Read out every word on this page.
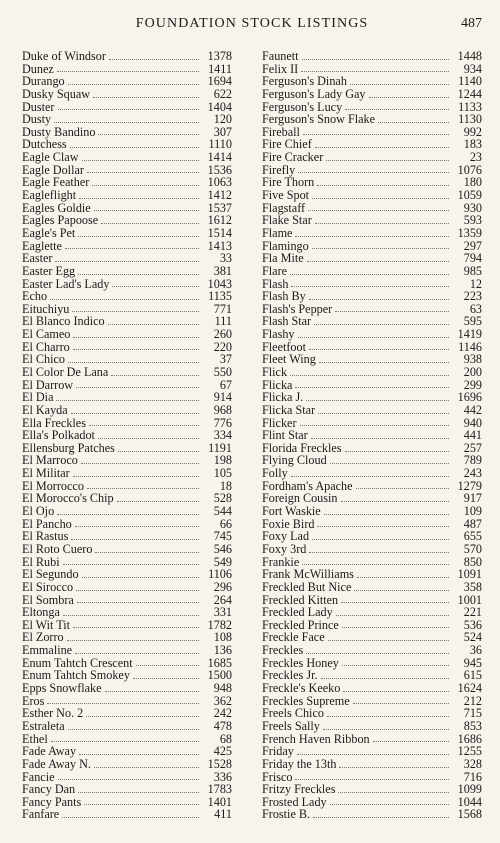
FOUNDATION STOCK LISTINGS	487
Duke of Windsor	1378
Dunez	1411
Durango	1694
Dusky Squaw	622
Duster	1404
Dusty	120
Dusty Bandino	307
Dutchess	1110
Eagle Claw	1414
Eagle Dollar	1536
Eagle Feather	1063
Eagleflight	1412
Eagles Goldie	1537
Eagles Papoose	1612
Eagle's Pet	1514
Eaglette	1413
Easter	33
Easter Egg	381
Easter Lad's Lady	1043
Echo	1135
Eituchiyu	771
El Blanco Indico	111
El Cameo	260
El Charro	220
El Chico	37
El Color De Lana	550
El Darrow	67
El Dia	914
El Kayda	968
Ella Freckles	776
Ella's Polkadot	334
Ellensburg Patches	1191
El Marroco	198
El Militar	105
El Morrocco	18
El Morocco's Chip	528
El Ojo	544
El Pancho	66
El Rastus	745
El Roto Cuero	546
El Rubi	549
El Segundo	1106
El Sirocco	296
El Sombra	264
Eltonga	331
El Wit Tit	1782
El Zorro	108
Emmaline	136
Enum Tahtch Crescent	1685
Enum Tahtch Smokey	1500
Epps Snowflake	948
Eros	362
Esther No. 2	242
Estraleta	478
Ethel	68
Fade Away	425
Fade Away N.	1528
Fancie	336
Fancy Dan	1783
Fancy Pants	1401
Fanfare	411
Faunett	1448
Felix II	934
Ferguson's Dinah	1140
Ferguson's Lady Gay	1244
Ferguson's Lucy	1133
Ferguson's Snow Flake	1130
Fireball	992
Fire Chief	183
Fire Cracker	23
Firefly	1076
Fire Thorn	180
Five Spot	1059
Flagstaff	930
Flake Star	593
Flame	1359
Flamingo	297
Fla Mite	794
Flare	985
Flash	12
Flash By	223
Flash's Pepper	63
Flash Star	595
Flashy	1419
Fleetfoot	1146
Fleet Wing	938
Flick	200
Flicka	299
Flicka J.	1696
Flicka Star	442
Flicker	940
Flint Star	441
Florida Freckles	257
Flying Cloud	789
Folly	243
Fordham's Apache	1279
Foreign Cousin	917
Fort Waskie	109
Foxie Bird	487
Foxy Lad	655
Foxy 3rd	570
Frankie	850
Frank McWilliams	1091
Freckled But Nice	358
Freckled Kitten	1001
Freckled Lady	221
Freckled Prince	536
Freckle Face	524
Freckles	36
Freckles Honey	945
Freckles Jr.	615
Freckle's Keeko	1624
Freckles Supreme	212
Freels Chico	715
Freels Sally	853
French Haven Ribbon	1686
Friday	1255
Friday the 13th	328
Frisco	716
Fritzy Freckles	1099
Frosted Lady	1044
Frostie B.	1568
